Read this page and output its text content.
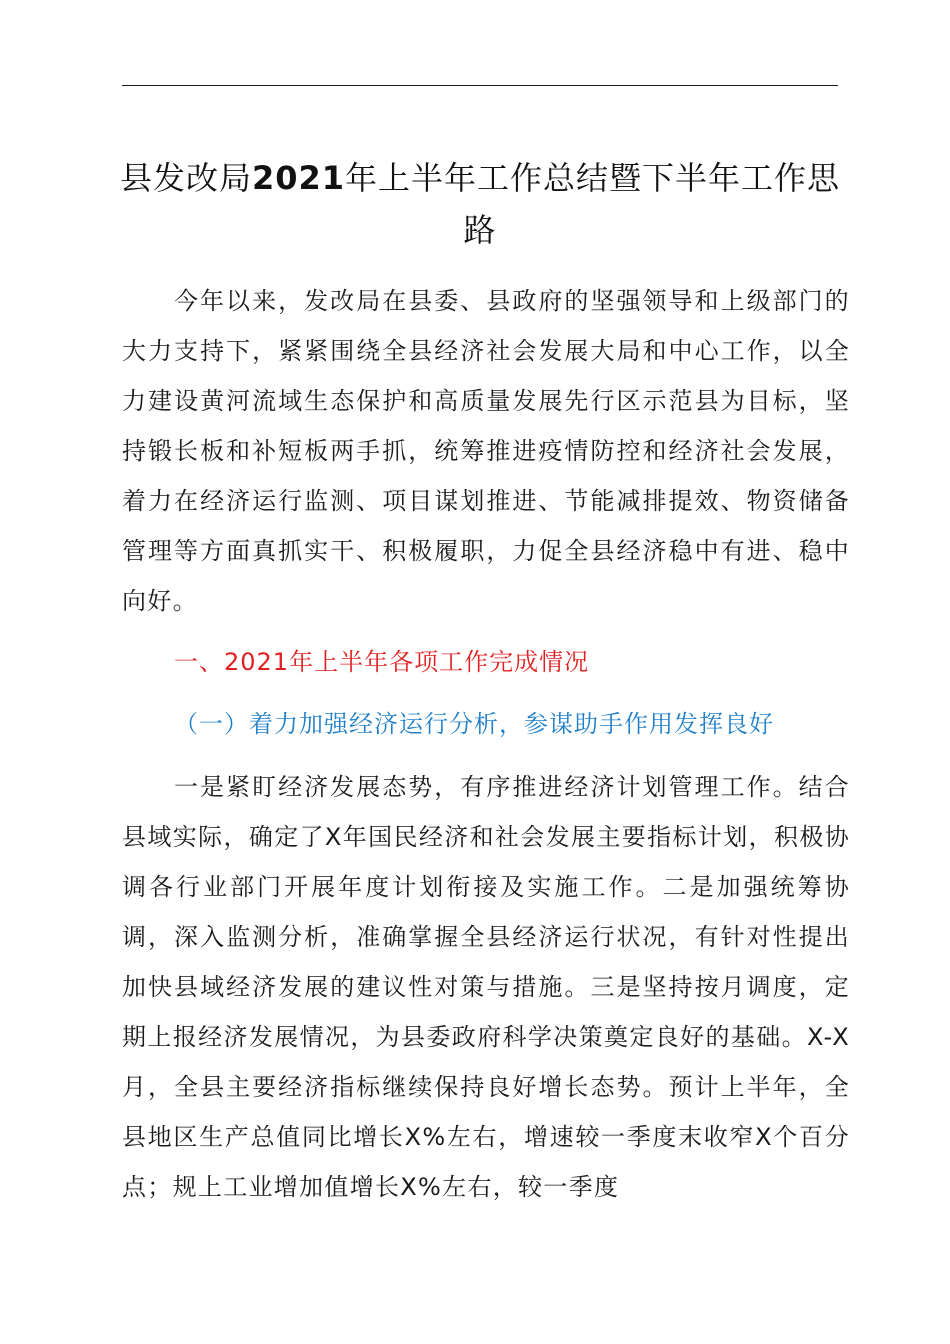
县发改局2021年上半年工作总结暨下半年工作思路

今年以来，发改局在县委、县政府的坚强领导和上级部门的大力支持下，紧紧围绕全县经济社会发展大局和中心工作，以全力建设黄河流域生态保护和高质量发展先行区示范县为目标，坚持锻长板和补短板两手抓，统筹推进疫情防控和经济社会发展，着力在经济运行监测、项目谋划推进、节能减排提效、物资储备管理等方面真抓实干、积极履职，力促全县经济稳中有进、稳中向好。

一、2021年上半年各项工作完成情况
（一）着力加强经济运行分析，参谋助手作用发挥良好

一是紧盯经济发展态势，有序推进经济计划管理工作。结合县域实际，确定了X年国民经济和社会发展主要指标计划，积极协调各行业部门开展年度计划衔接及实施工作。二是加强统筹协调，深入监测分析，准确掌握全县经济运行状况，有针对性提出加快县域经济发展的建议性对策与措施。三是坚持按月调度，定期上报经济发展情况，为县委政府科学决策奠定良好的基础。X-X月，全县主要经济指标继续保持良好增长态势。预计上半年，全县地区生产总值同比增长X%左右，增速较一季度末收窄X个百分点；规上工业增加值增长X%左右，较一季度
